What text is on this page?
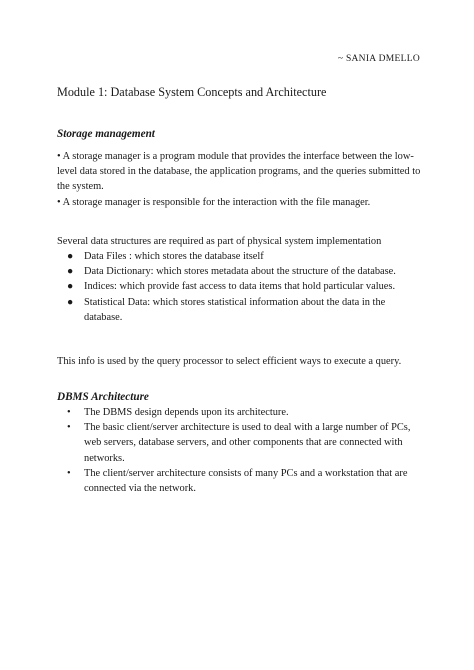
~ SANIA DMELLO
Module 1: Database System Concepts and Architecture
Storage management

• A storage manager is a program module that provides the interface between the low-level data stored in the database, the application programs, and the queries submitted to the system.

• A storage manager is responsible for the interaction with the file manager.

Several data structures are required as part of physical system implementation
● Data Files : which stores the database itself
● Data Dictionary: which stores metadata about the structure of the database.
● Indices: which provide fast access to data items that hold particular values.
● Statistical Data: which stores statistical information about the data in the database.
This info is used by the query processor to select efficient ways to execute a query.
DBMS Architecture
• The DBMS design depends upon its architecture.
• The basic client/server architecture is used to deal with a large number of PCs, web servers, database servers, and other components that are connected with networks.
• The client/server architecture consists of many PCs and a workstation that are connected via the network.
